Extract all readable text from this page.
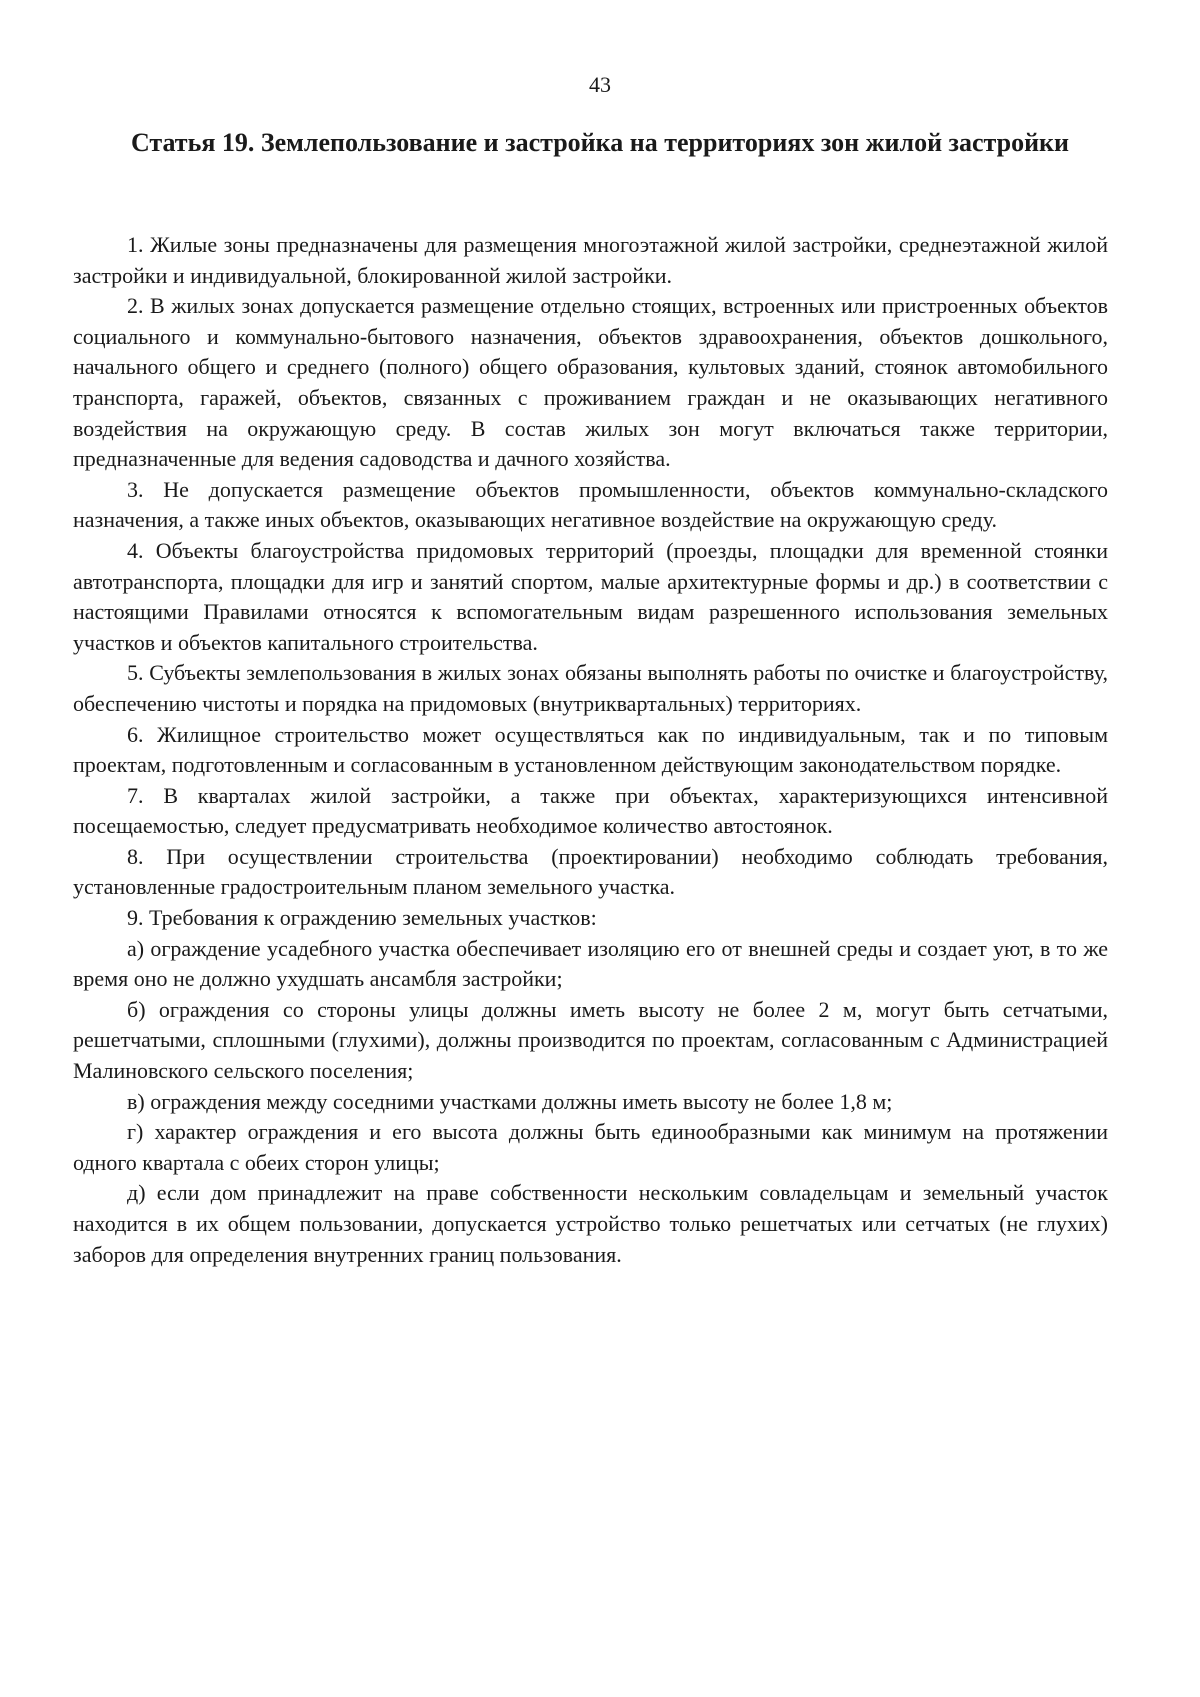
43
Статья 19. Землепользование и застройка на территориях зон жилой застройки

1. Жилые зоны предназначены для размещения многоэтажной жилой застройки, среднеэтажной жилой застройки и индивидуальной, блокированной жилой застройки.

2. В жилых зонах допускается размещение отдельно стоящих, встроенных или пристроенных объектов социального и коммунально-бытового назначения, объектов здравоохранения, объектов дошкольного, начального общего и среднего (полного) общего образования, культовых зданий, стоянок автомобильного транспорта, гаражей, объектов, связанных с проживанием граждан и не оказывающих негативного воздействия на окружающую среду. В состав жилых зон могут включаться также территории, предназначенные для ведения садоводства и дачного хозяйства.

3. Не допускается размещение объектов промышленности, объектов коммунально-складского назначения, а также иных объектов, оказывающих негативное воздействие на окружающую среду.

4. Объекты благоустройства придомовых территорий (проезды, площадки для временной стоянки автотранспорта, площадки для игр и занятий спортом, малые архитектурные формы и др.) в соответствии с настоящими Правилами относятся к вспомогательным видам разрешенного использования земельных участков и объектов капитального строительства.

5. Субъекты землепользования в жилых зонах обязаны выполнять работы по очистке и благоустройству, обеспечению чистоты и порядка на придомовых (внутриквартальных) территориях.

6. Жилищное строительство может осуществляться как по индивидуальным, так и по типовым проектам, подготовленным и согласованным в установленном действующим законодательством порядке.

7. В кварталах жилой застройки, а также при объектах, характеризующихся интенсивной посещаемостью, следует предусматривать необходимое количество автостоянок.

8. При осуществлении строительства (проектировании) необходимо соблюдать требования, установленные градостроительным планом земельного участка.

9. Требования к ограждению земельных участков:

а) ограждение усадебного участка обеспечивает изоляцию его от внешней среды и создает уют, в то же время оно не должно ухудшать ансамбля застройки;

б) ограждения со стороны улицы должны иметь высоту не более 2 м, могут быть сетчатыми, решетчатыми, сплошными (глухими), должны производится по проектам, согласованным с Администрацией Малиновского сельского поселения;

в) ограждения между соседними участками должны иметь высоту не более 1,8 м;

г) характер ограждения и его высота должны быть единообразными как минимум на протяжении одного квартала с обеих сторон улицы;

д) если дом принадлежит на праве собственности нескольким совладельцам и земельный участок находится в их общем пользовании, допускается устройство только решетчатых или сетчатых (не глухих) заборов для определения внутренних границ пользования.
